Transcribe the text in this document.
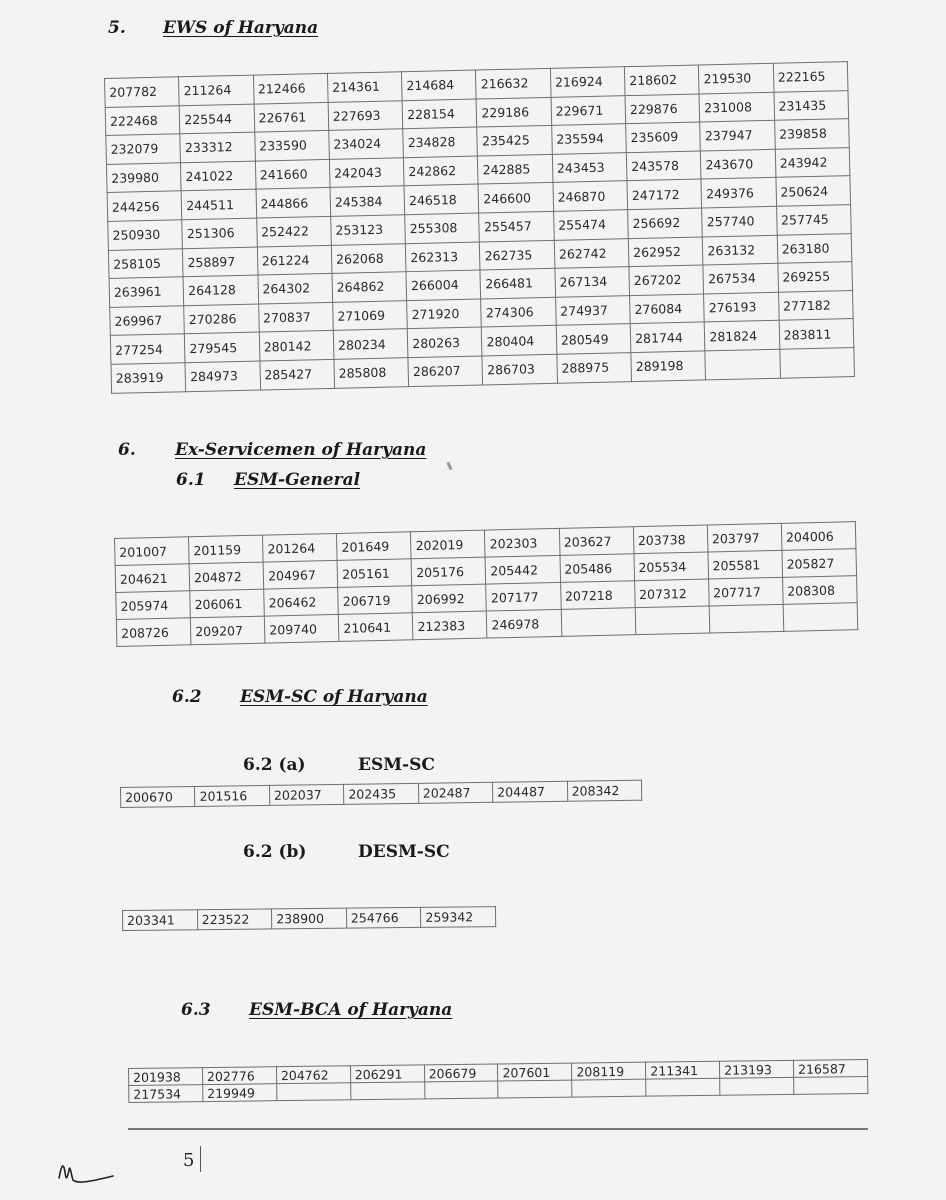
5. EWS of Haryana
207782	211264	212466	214361	214684	216632	216924	218602	219530	222165
222468	225544	226761	227693	228154	229186	229671	229876	231008	231435
232079	233312	233590	234024	234828	235425	235594	235609	237947	239858
239980	241022	241660	242043	242862	242885	243453	243578	243670	243942
244256	244511	244866	245384	246518	246600	246870	247172	249376	250624
250930	251306	252422	253123	255308	255457	255474	256692	257740	257745
258105	258897	261224	262068	262313	262735	262742	262952	263132	263180
263961	264128	264302	264862	266004	266481	267134	267202	267534	269255
269967	270286	270837	271069	271920	274306	274937	276084	276193	277182
277254	279545	280142	280234	280263	280404	280549	281744	281824	283811
283919	284973	285427	285808	286207	286703	288975	289198		
6. Ex-Servicemen of Haryana
6.1 ESM-General
201007	201159	201264	201649	202019	202303	203627	203738	203797	204006
204621	204872	204967	205161	205176	205442	205486	205534	205581	205827
205974	206061	206462	206719	206992	207177	207218	207312	207717	208308
208726	209207	209740	210641	212383	246978				
6.2 ESM-SC of Haryana
6.2 (a)	ESM-SC
200670	201516	202037	202435	202487	204487	208342
6.2 (b)	DESM-SC
203341	223522	238900	254766	259342
6.3 ESM-BCA of Haryana
201938	202776	204762	206291	206679	207601	208119	211341	213193	216587
217534	219949								
5
